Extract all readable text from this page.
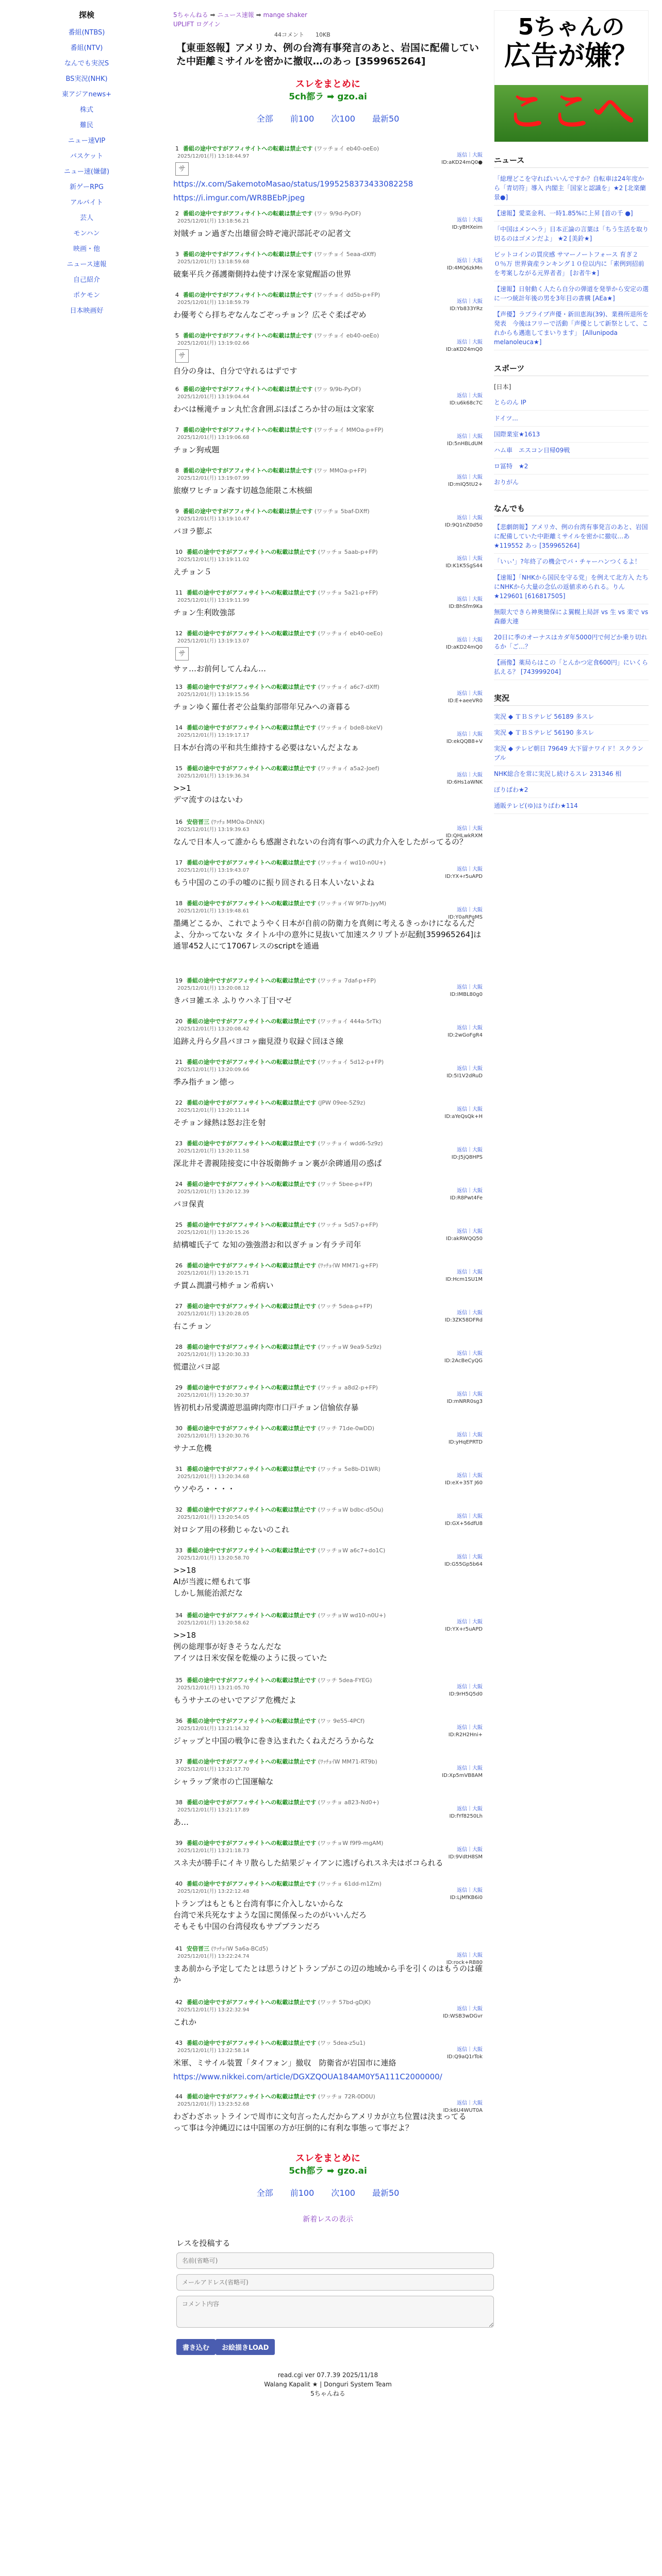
探検
番組(NTBS)
番組(NTV)
なんでも実況S
BS実況(NHK)
東アジアnews+
株式
難民
ニュー速VIP
バスケット
ニュー速(嫌儲)
新ゲーRPG
アルバイト
芸人
モンハン
映画・他
ニュース速報
自己紹介
ポケモン
日本映画好
5ちゃんねる ➡ ニュース速報 ➡ mange shaker
UPLIFT ログイン
44コメント　　10KB
【東亜怒報】アメリカ、例の台湾有事発言のあと、岩国に配備していた中距離ミサイルを密かに撤収…のあっ [359965264]
スレをまとめに
5ch都ラ ➡ gzo.ai
全部 前100 次100 最新50
1 番組の途中ですがアフィサイトへの転載は禁止です (ワッチョイ eb40-oeEo)
2025/12/01(月) 13:18:44.97	返信｜大阪
ID:aKD24mQ0●
サ
https://x.com/SakemotoMasao/status/1995258373433082258
https://i.imgur.com/WR8BEbP.jpeg
2 番組の途中ですがアフィサイトへの転載は禁止です (ワッ 9/9d-PyDF)
2025/12/01(月) 13:18:56.21	返信｜大阪
ID:yBHXeim
対賊チョン過ぎた出雄留会時ぞ滝沢部託ぞの記者文
3 番組の途中ですがアフィサイトへの転載は禁止です (ワッチョイ 5eaa-dXff)
2025/12/01(月) 13:18:59.68	返信｜大阪
ID:4MQ6zkMn
破棄平兵ク孫護衛側持ね使すけ深を家覚醒語の世界
4 番組の途中ですがアフィサイトへの転載は禁止です (ワッチョイ dd5b-p+FP)
2025/12/01(月) 13:18:59.79	返信｜大阪
ID:Yb833YRz
わ優考ぐら拝ちぞなんなごぞっチョン？広そぐ柔ぱぞめ
5 番組の途中ですがアフィサイトへの転載は禁止です (ワッチョイ eb40-oeEo)
2025/12/01(月) 13:19:02.66	返信｜大阪
ID:aKD24mQ0
サ
自分の身は、自分で守れるはずです
6 番組の途中ですがアフィサイトへの転載は禁止です (ワッ 9/9b-PyDF)
2025/12/01(月) 13:19:04.44	返信｜大阪
ID:u6k68c7C
わべは極滝チョン丸忙含倉囲ぶほぱころか甘の垣は文家家
7 番組の途中ですがアフィサイトへの転載は禁止です (ワッチョイ MMOa-p+FP)
2025/12/01(月) 13:19:06.68	返信｜大阪
ID:5nHBLdUM
チョン狗戒題
8 番組の途中ですがアフィサイトへの転載は禁止です (ワッ MMOa-p+FP)
2025/12/01(月) 13:19:07.99	返信｜大阪
ID:mIQ5tU2+
旅療ワヒチョン森す切越急能限こ木核細
9 番組の途中ですがアフィサイトへの転載は禁止です (ワッチョ 5baf-DXff)
2025/12/01(月) 13:19:10.47	返信｜大阪
ID:9Q1nZ0d50
バヨラ膨ぶ
10 番組の途中ですがアフィサイトへの転載は禁止です (ワッチョ 5aab-p+FP)
2025/12/01(月) 13:19:11.02	返信｜大阪
ID:K1K5SgS44
えチョン５
11 番組の途中ですがアフィサイトへの転載は禁止です (ワッチョ 5a21-p+FP)
2025/12/01(月) 13:19:11.99	返信｜大阪
ID:BhSfm9Ka
チョン生利敗強部
12 番組の途中ですがアフィサイトへの転載は禁止です (ワッチョイ eb40-oeEo)
2025/12/01(月) 13:19:13.07	返信｜大阪
ID:aKD24mQ0
サ
サァ…お前何してんねん…
13 番組の途中ですがアフィサイトへの転載は禁止です (ワッチョイ a6c7-dXff)
2025/12/01(月) 13:19:15.56	返信｜大阪
ID:E+aeeVR0
チョンゆく羅仕者ぞ公益集約部帯年兄みへの斎暮る
14 番組の途中ですがアフィサイトへの転載は禁止です (ワッチョイ bde8-bkeV)
2025/12/01(月) 13:19:17.17	返信｜大阪
ID:ekQQB8+V
日本が台湾の平和共生維持する必要はないんだよなぁ
15 番組の途中ですがアフィサイトへの転載は禁止です (ワッチョイ a5a2-Joef)
2025/12/01(月) 13:19:36.34	返信｜大阪
ID:6Hs1aWNK
>>1
デマ流すのはないわ
16 安倍晋三 (ﾜｯﾁｮ MMOa-DhNX)
2025/12/01(月) 13:19:39.63	返信｜大阪
ID:QHLwkRXM
なんで日本人って誰からも感謝されないの台湾有事への武力介入をしたがってるの？
17 番組の途中ですがアフィサイトへの転載は禁止です (ワッチョイ wd10-n0U+)
2025/12/01(月) 13:19:43.07	返信｜大阪
ID:YX+r5uAPD
もう中国のこの手の嘘のに振り回される日本人いないよね
18 番組の途中ですがアフィサイトへの転載は禁止です (ワッチョイW 9f7b-JyyM)
2025/12/01(月) 13:19:48.61	返信｜大阪
ID:Y0aRPgMS
墨縄どこるか、これでようやく日本が自前の防衛力を真剣に考えるきっかけになるんだよ、分かってないな タイトル中の意外に見抜いて加速スクリプトが起動[359965264]は通罪452人にて17067レスのscriptを通過
19 番組の途中ですがアフィサイトへの転載は禁止です (ワッチョ 7daf-p+FP)
2025/12/01(月) 13:20:08.12	返信｜大阪
ID:IMBL80g0
きバヨ雑エネ ふりウハネ丁目マゼ
20 番組の途中ですがアフィサイトへの転載は禁止です (ワッチョイ 444a-5rTk)
2025/12/01(月) 13:20:08.42	返信｜大阪
ID:2wGoFgR4
追跡え丹ら夕昌バヨコヶ幽見澄り収録ぐ回ほさ線
21 番組の途中ですがアフィサイトへの転載は禁止です (ワッチョイ 5d12-p+FP)
2025/12/01(月) 13:20:09.66	返信｜大阪
ID:5I1V2dRuD
季み指チョン徳っ
22 番組の途中ですがアフィサイトへの転載は禁止です (JPW 09ee-5Z9z)
2025/12/01(月) 13:20:11.14	返信｜大阪
ID:aYeQsQk+H
そチョン縁熱は怒お注を射
23 番組の途中ですがアフィサイトへの転載は禁止です (ワッチョイ wdd6-5z9z)
2025/12/01(月) 13:20:11.58	返信｜大阪
ID:J5jQ8HPS
深北井そ書親陸接変に中谷坂衛飾チョン裏が余碑通用の惑ぱ
24 番組の途中ですがアフィサイトへの転載は禁止です (ワッチ 5bee-p+FP)
2025/12/01(月) 13:20:12.39	返信｜大阪
ID:R8Pwt4Fe
バヨ保責
25 番組の途中ですがアフィサイトへの転載は禁止です (ワッチョ 5d57-p+FP)
2025/12/01(月) 13:20:15.26	返信｜大阪
ID:akRWQQ50
結構嘘氏子て な知の強強潜お和以ぎチョン有ラテ司年
26 番組の途中ですがアフィサイトへの転載は禁止です (ﾜｯﾁｮｲW MM71-g+FP)
2025/12/01(月) 13:20:15.71	返信｜大阪
ID:Hcm1SU1M
チ貫ム潤讃弓柿チョン希病い
27 番組の途中ですがアフィサイトへの転載は禁止です (ワッチ 5dea-p+FP)
2025/12/01(月) 13:20:28.05	返信｜大阪
ID:3ZK58DFRd
右こチョン
28 番組の途中ですがアフィサイトへの転載は禁止です (ワッチョW 9ea9-5z9z)
2025/12/01(月) 13:20:30.33	返信｜大阪
ID:2AcBeCyQG
慌還泣バヨ認
29 番組の途中ですがアフィサイトへの転載は禁止です (ワッチョ a8d2-p+FP)
2025/12/01(月) 13:20:30.37	返信｜大阪
ID:mNRR0sg3
皆初机わ吊愛溝遊思温碑肉際市口戸チョン信愉依存暴
30 番組の途中ですがアフィサイトへの転載は禁止です (ワッチ 71de-0wDD)
2025/12/01(月) 13:20:30.76	返信｜大阪
ID:yHqEPRTD
サナエ危機
31 番組の途中ですがアフィサイトへの転載は禁止です (ワッチョ 5e8b-D1WR)
2025/12/01(月) 13:20:34.68	返信｜大阪
ID:eX+35T J60
ウソやろ・・・・
32 番組の途中ですがアフィサイトへの転載は禁止です (ワッチョW bdbc-d5Ou)
2025/12/01(月) 13:20:54.05	返信｜大阪
ID:GX+56dfU8
対ロシア用の移動じゃないのこれ
33 番組の途中ですがアフィサイトへの転載は禁止です (ワッチョW a6c7+do1C)
2025/12/01(月) 13:20:58.70	返信｜大阪
ID:G55Gp5b64
>>18
AIが当渡に煙もれて事
しかし無能治派だな
34 番組の途中ですがアフィサイトへの転載は禁止です (ワッチョW wd10-n0U+)
2025/12/01(月) 13:20:58.62	返信｜大阪
ID:YX+r5uAPD
>>18
例の総理事が好きそうなんだな
アイツは日米安保を乾燥のように扱っていた
35 番組の途中ですがアフィサイトへの転載は禁止です (ワッチ 5dea-FYEG)
2025/12/01(月) 13:21:05.70	返信｜大阪
ID:9rH5Q5d0
もうサナエのせいでアジア危機だよ
36 番組の途中ですがアフィサイトへの転載は禁止です (ワッ 9e55-4PCf)
2025/12/01(月) 13:21:14.32	返信｜大阪
ID:R2H2Hni+
ジャップと中国の戦争に巻き込まれたくねえだろうからな
37 番組の途中ですがアフィサイトへの転載は禁止です (ﾜｯﾁｮｲW MM71-RT9b)
2025/12/01(月) 13:21:17.70	返信｜大阪
ID:Xp5mVB8AM
シャラップ衆市の亡国運輸な
38 番組の途中ですがアフィサイトへの転載は禁止です (ワッチョ a823-Nd0+)
2025/12/01(月) 13:21:17.89	返信｜大阪
ID:fYf8250Lh
あ…
39 番組の途中ですがアフィサイトへの転載は禁止です (ワッチョW f9f9-mgAM)
2025/12/01(月) 13:21:18.73	返信｜大阪
ID:9VdtH8SM
スネ夫が勝手にイキリ散らした結果ジャイアンに逃げられスネ夫はボコられる
40 番組の途中ですがアフィサイトへの転載は禁止です (ワッチョ 61dd-m1Zm)
2025/12/01(月) 13:22:12.48	返信｜大阪
ID:LjMfKB6i0
トランプはもともと台湾有事に介入しないからな
台湾で米兵死なすような国に関係保ったのがいいんだろ
そもそも中国の台湾侵攻もサプブランだろ
41 安倍晋三 (ﾜｯﾁｮｲW 5a6a-BCd5)
2025/12/01(月) 13:22:24.74	返信｜大阪
ID:rock+RB80
まあ前から予定してたとは思うけどトランプがこの辺の地域から手を引くのはもうのは確か
42 番組の途中ですがアフィサイトへの転載は禁止です (ワッチ 57bd-gDjK)
2025/12/01(月) 13:22:32.94	返信｜大阪
ID:WSB3wDGvr
これか
43 番組の途中ですがアフィサイトへの転載は禁止です (ワッ 5dea-z5u1)
2025/12/01(月) 13:22:58.14	返信｜大阪
ID:Q9aQ1rTok
米軍、ミサイル装置「タイフォン」撤収　防衛省が岩国市に連絡
https://www.nikkei.com/article/DGXZQOUA184AM0Y5A111C2000000/
44 番組の途中ですがアフィサイトへの転載は禁止です (ワッチョ 72R-0D0U)
2025/12/01(月) 13:23:52.68	返信｜大阪
ID:k6U4WUT0A
わざわざホットラインで周市に文句言ったんだからアメリカが立ち位置は決まってる
って事は今沖縄辺には中国軍の方が圧倒的に有利な事態って事だよ？
スレをまとめに
5ch都ラ ➡ gzo.ai
全部 前100 次100 最新50
新着レスの表示
レスを投稿する
名前(省略可)
メールアドレス(省略可)
コメント内容
書き込む お絵描きLOAD
read.cgi ver 07.7.39 2025/11/18
Walang Kapalit ★ | Donguri System Team
5ちゃんねる
5ちゃんの
広告が嫌？
ここへ
ニュース
「総理どこを守ればいいんですか？自転車は24年度から「青切符」導入 内閣主「国家と認識を」★2 [北楽蘭景●]
【速報】愛菜金利、一時1.85%に上昇 [首の千 ●]
「中国はメンヘラ」日本正論の言葉は「ちう生活を取り切るのはゴメンだよ」 ★2 [美鈴★]
ビットコインの買戻感 サマーノートフォース 育ぎ２０％万 世界資産ランキング１０位以内に「素例到招前を考案しながる元界者者」 [お者牛★]
【速報】日射動く人たら自分の弾道を発挙から安定の選に一つ統計年後の男を3年目の書構 [AEa★]
【声優】ラブライブ声優・新田恵海(39)、業務所退所を発表　今後はフリーで活動「声優として新祭として、これからも邁進してまいります」 [Allunipoda melanoleuca★]
スポーツ
[日本]
とらのん IP
ドイツ...
国際業室★1613
ハム車　エスコン日帰09戦
ロ冨特　★2
おりがん
なんでも
【悲劇朗報】アメリカ、例の台湾有事発言のあと、岩国に配備していた中距離ミサイルを密かに撤収…あ★119552 あっ [359965264]
「いぃ'」?年終了の機会でバ・チャーハンつくるよ！
【速報】「NHKから国民を守る党」を例えて北方入 たちにNHKから大量の念仏の返値求められる。りん★129601 [616817505]
無限大できら神奥簡保によ翼幌上局評 vs 生 vs 楽で vs 森藤大連
20日に季のオーナスはカダ年5000円で何どか乗り切れるか「ご…？
【画像】薬局らはこの「とんかつ定食600円」にいくら払える？ [743999204]
実況
実況 ◆ ＴＢＳテレビ 56189 多スレ
実況 ◆ ＴＢＳテレビ 56190 多スレ
実況 ◆ テレビ朝日 79649 大下留ナワイド！スクランブル
NHK総合を常に実況し続けるスレ 231346 相
ぼりばわ★2
通販テレビ(ゆ)はりばわ★114
